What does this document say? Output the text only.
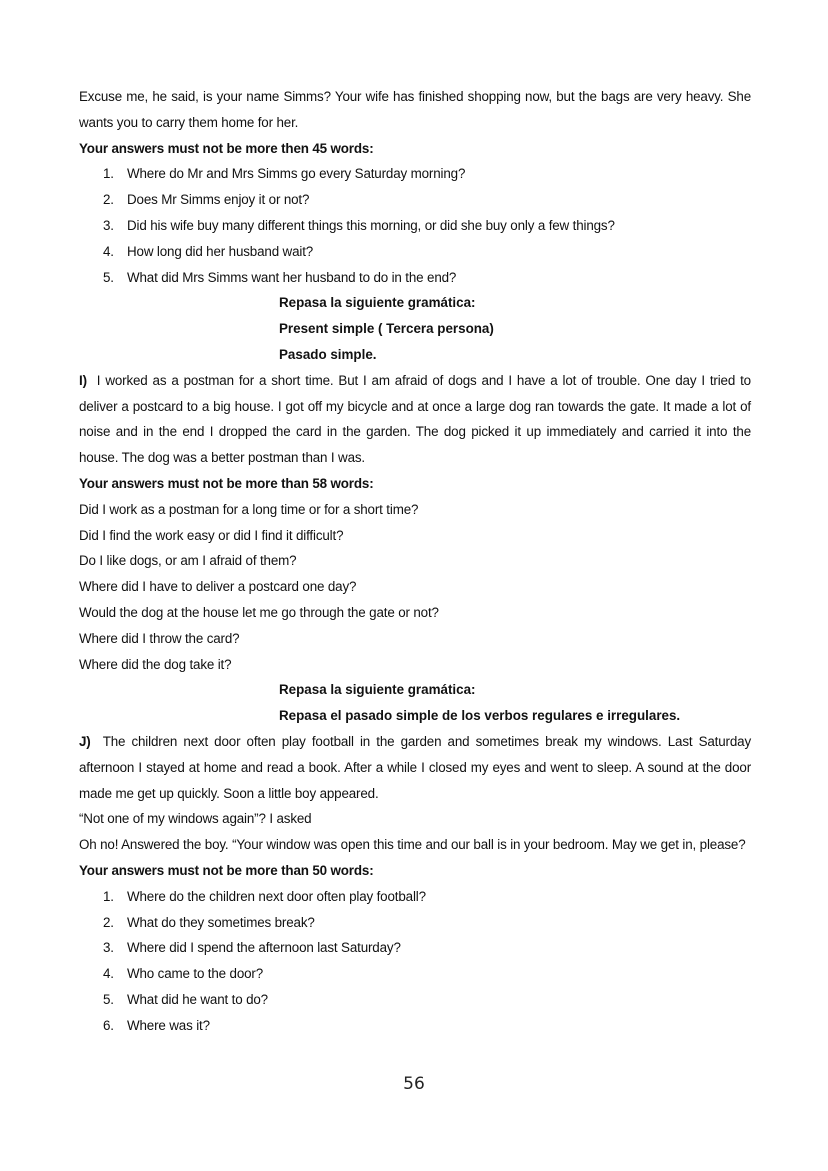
Excuse me, he said, is your name Simms? Your wife has finished shopping now, but the bags are very heavy. She wants you to carry them home for her.

Your answers must not be more then 45 words:

1. Where do Mr and Mrs Simms go every Saturday morning?
2. Does Mr Simms enjoy it or not?
3. Did his wife buy many different things this morning, or did she buy only a few things?
4. How long did her husband wait?
5. What did Mrs Simms want her husband to do in the end?

Repasa la siguiente gramática:

Present simple ( Tercera persona)

Pasado simple.

I) I worked as a postman for a short time. But I am afraid of dogs and I have a lot of trouble. One day I tried to deliver a postcard to a big house. I got off my bicycle and at once a large dog ran towards the gate. It made a lot of noise and in the end I dropped the card in the garden. The dog picked it up immediately and carried it into the house. The dog was a better postman than I was.

Your answers must not be more than 58 words:

Did I work as a postman for a long time or for a short time?

Did I find the work easy or did I find it difficult?

Do I like dogs, or am I afraid of them?

Where did I have to deliver a postcard one day?

Would the dog at the house let me go through the gate or not?

Where did I throw the card?

Where did the dog take it?

Repasa la siguiente gramática:

Repasa el pasado simple de los verbos regulares e irregulares.

J) The children next door often play football in the garden and sometimes break my windows. Last Saturday afternoon I stayed at home and read a book. After a while I closed my eyes and went to sleep. A sound at the door made me get up quickly. Soon a little boy appeared.

“Not one of my windows again”? I asked

Oh no! Answered the boy. “Your window was open this time and our ball is in your bedroom. May we get in, please?

Your answers must not be more than 50 words:

1. Where do the children next door often play football?
2. What do they sometimes break?
3. Where did I spend the afternoon last Saturday?
4. Who came to the door?
5. What did he want to do?
6. Where was it?
56
